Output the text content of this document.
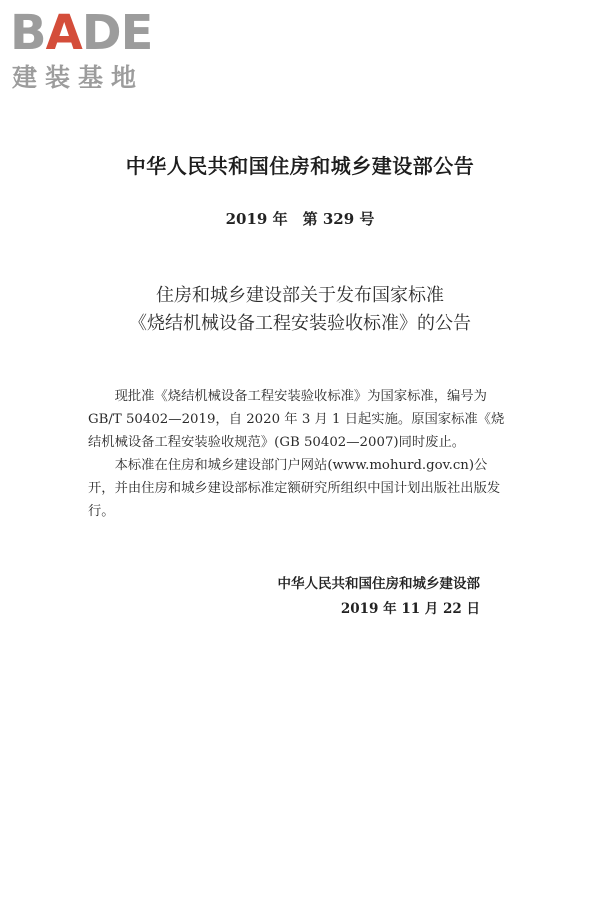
BADE
建装基地
中华人民共和国住房和城乡建设部公告
2019 年　第 329 号
住房和城乡建设部关于发布国家标准
《烧结机械设备工程安装验收标准》的公告

现批准《烧结机械设备工程安装验收标准》为国家标准，编号为 GB/T 50402—2019，自 2020 年 3 月 1 日起实施。原国家标准《烧结机械设备工程安装验收规范》(GB 50402—2007)同时废止。

本标准在住房和城乡建设部门户网站(www.mohurd.gov.cn)公开，并由住房和城乡建设部标准定额研究所组织中国计划出版社出版发行。

中华人民共和国住房和城乡建设部
2019 年 11 月 22 日
